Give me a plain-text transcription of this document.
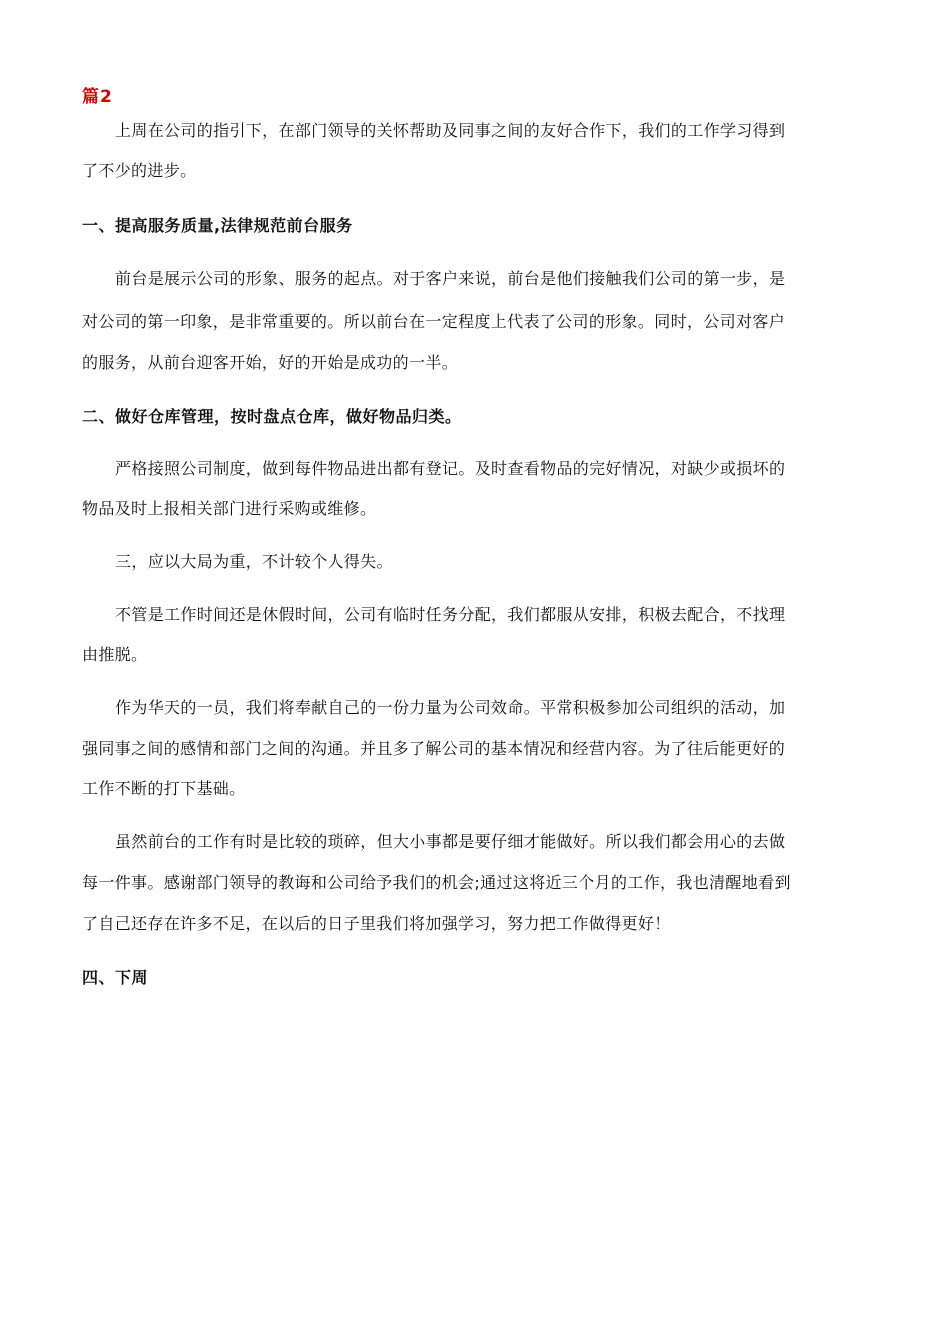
篇2
上周在公司的指引下，在部门领导的关怀帮助及同事之间的友好合作下，我们的工作学习得到
了不少的进步。
一、提高服务质量,法律规范前台服务
前台是展示公司的形象、服务的起点。对于客户来说，前台是他们接触我们公司的第一步，是
对公司的第一印象，是非常重要的。所以前台在一定程度上代表了公司的形象。同时，公司对客户
的服务，从前台迎客开始，好的开始是成功的一半。
二、做好仓库管理，按时盘点仓库，做好物品归类。
严格接照公司制度，做到每件物品进出都有登记。及时查看物品的完好情况，对缺少或损坏的
物品及时上报相关部门进行采购或维修。
三，应以大局为重，不计较个人得失。
不管是工作时间还是休假时间，公司有临时任务分配，我们都服从安排，积极去配合，不找理
由推脱。
作为华天的一员，我们将奉献自己的一份力量为公司效命。平常积极参加公司组织的活动，加
强同事之间的感情和部门之间的沟通。并且多了解公司的基本情况和经营内容。为了往后能更好的
工作不断的打下基础。
虽然前台的工作有时是比较的琐碎，但大小事都是要仔细才能做好。所以我们都会用心的去做
每一件事。感谢部门领导的教诲和公司给予我们的机会;通过这将近三个月的工作，我也清醒地看到
了自己还存在许多不足，在以后的日子里我们将加强学习，努力把工作做得更好！
四、下周
